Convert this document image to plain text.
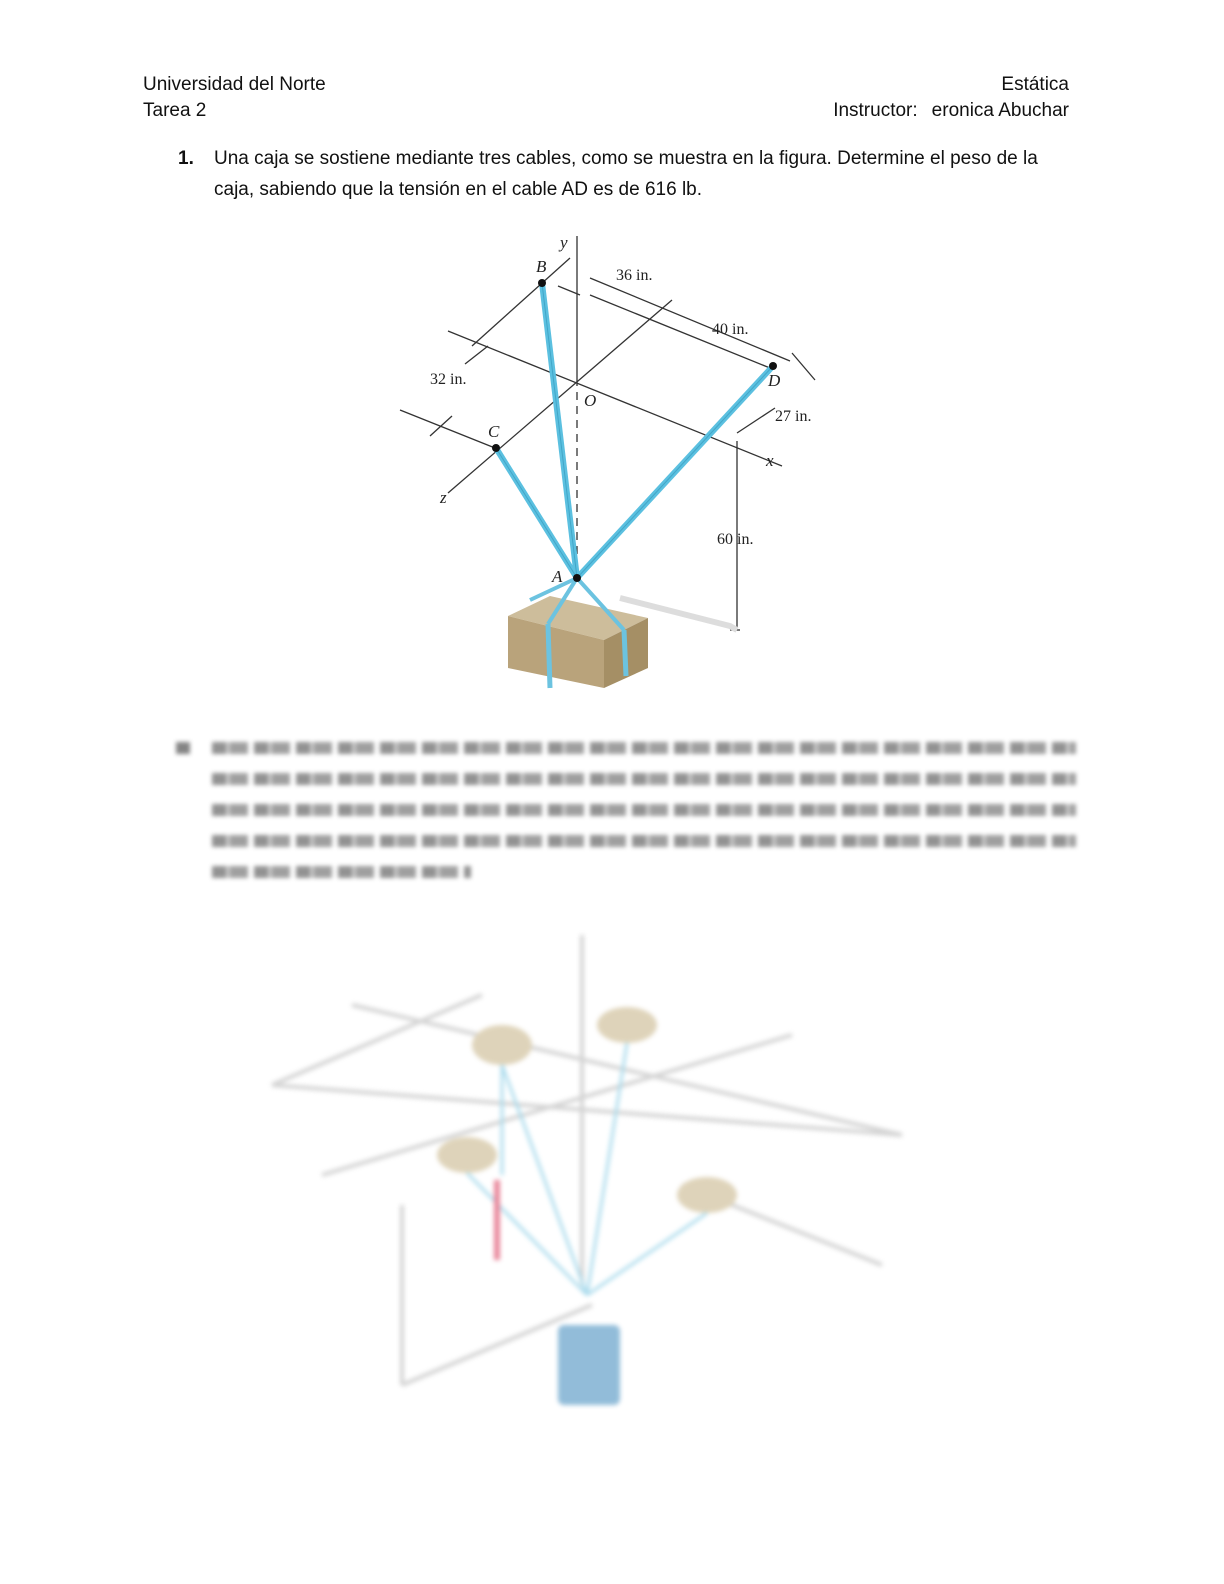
Universidad del Norte
Tarea 2
Estática
Instructor: eronica Abuchar
1. Una caja se sostiene mediante tres cables, como se muestra en la figura. Determine el peso de la caja, sabiendo que la tensión en el cable AD es de 616 lb.
y
B
O
C
D
x
z
A
36 in.
40 in.
32 in.
27 in.
60 in.
